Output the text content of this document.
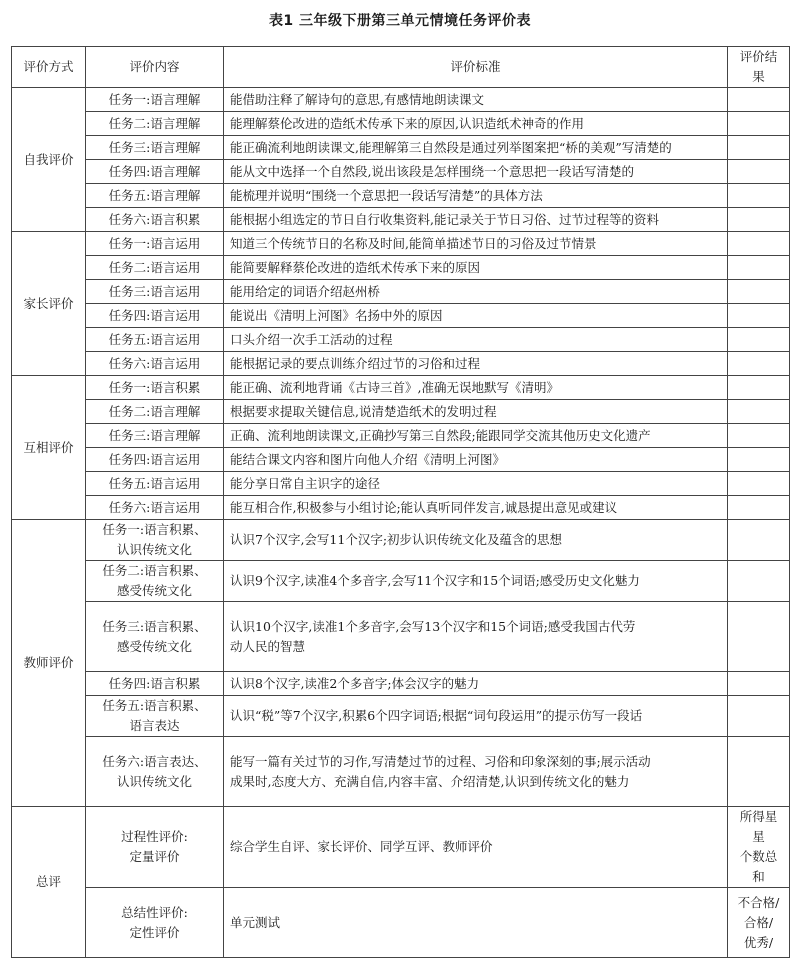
表1 三年级下册第三单元情境任务评价表
评价方式	评价内容	评价标准	评价结果
自我评价	任务一:语言理解	能借助注释了解诗句的意思,有感情地朗读课文	
	任务二:语言理解	能理解蔡伦改进的造纸术传承下来的原因,认识造纸术神奇的作用	
	任务三:语言理解	能正确流利地朗读课文,能理解第三自然段是通过列举图案把“桥的美观”写清楚的	
	任务四:语言理解	能从文中选择一个自然段,说出该段是怎样围绕一个意思把一段话写清楚的	
	任务五:语言理解	能梳理并说明“围绕一个意思把一段话写清楚”的具体方法	
	任务六:语言积累	能根据小组选定的节日自行收集资料,能记录关于节日习俗、过节过程等的资料	
家长评价	任务一:语言运用	知道三个传统节日的名称及时间,能简单描述节日的习俗及过节情景	
	任务二:语言运用	能简要解释蔡伦改进的造纸术传承下来的原因	
	任务三:语言运用	能用给定的词语介绍赵州桥	
	任务四:语言运用	能说出《清明上河图》名扬中外的原因	
	任务五:语言运用	口头介绍一次手工活动的过程	
	任务六:语言运用	能根据记录的要点训练介绍过节的习俗和过程	
互相评价	任务一:语言积累	能正确、流利地背诵《古诗三首》,准确无误地默写《清明》	
	任务二:语言理解	根据要求提取关键信息,说清楚造纸术的发明过程	
	任务三:语言理解	正确、流利地朗读课文,正确抄写第三自然段;能跟同学交流其他历史文化遗产	
	任务四:语言运用	能结合课文内容和图片向他人介绍《清明上河图》	
	任务五:语言运用	能分享日常自主识字的途径	
	任务六:语言运用	能互相合作,积极参与小组讨论;能认真听同伴发言,诚恳提出意见或建议	
教师评价	任务一:语言积累、
认识传统文化	认识7个汉字,会写11个汉字;初步认识传统文化及蕴含的思想	

	任务二:语言积累、
感受传统文化	认识9个汉字,读准4个多音字,会写11个汉字和15个词语;感受历史文化魅力	

	任务三:语言积累、
感受传统文化	认识10个汉字,读准1个多音字,会写13个汉字和15个词语;感受我国古代劳
动人民的智慧	

	任务四:语言积累	认识8个汉字,读准2个多音字;体会汉字的魅力	

	任务五:语言积累、
语言表达	认识“税”等7个汉字,积累6个四字词语;根据“词句段运用”的提示仿写一段话	

	任务六:语言表达、
认识传统文化	能写一篇有关过节的习作,写清楚过节的过程、习俗和印象深刻的事;展示活动
成果时,态度大方、充满自信,内容丰富、介绍清楚,认识到传统文化的魅力	

总评	过程性评价:
定量评价	综合学生自评、家长评价、同学互评、教师评价	所得星星
个数总和

	总结性评价:
定性评价	单元测试	不合格/
合格/
优秀/
